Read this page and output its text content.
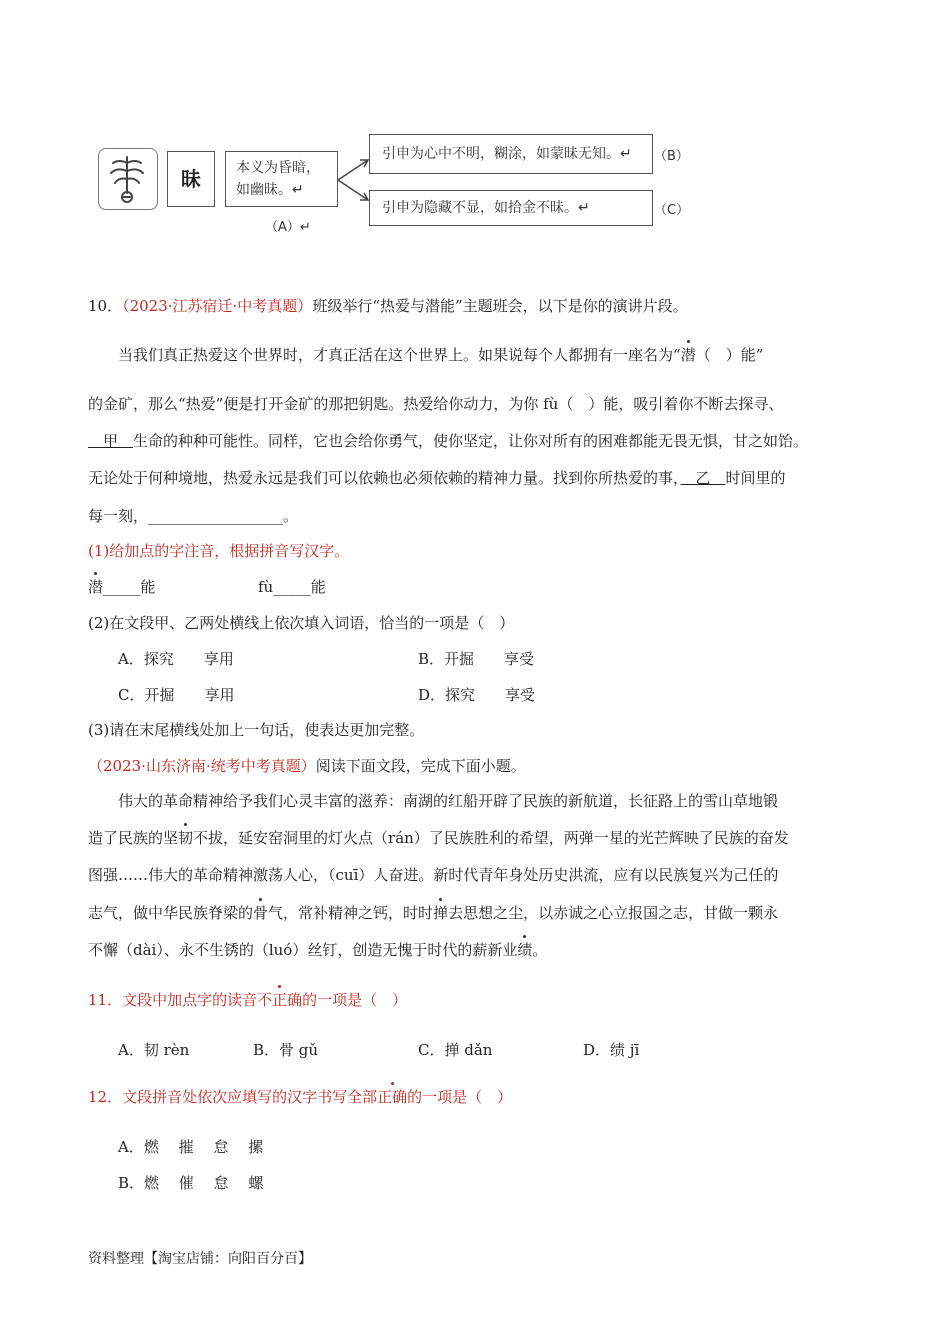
昧	本义为昏暗，
如幽昧。↵
（A）↵
引申为心中不明，糊涂，如蒙昧无知。↵	（B）
引申为隐藏不显，如拾金不昧。↵	（C）
10．（2023·江苏宿迁·中考真题）班级举行“热爱与潜能”主题班会，以下是你的演讲片段。
当我们真正热爱这个世界时，才真正活在这个世界上。如果说每个人都拥有一座名为“潜（　）能”
的金矿，那么“热爱”便是打开金矿的那把钥匙。热爱给你动力，为你 fù（　）能，吸引着你不断去探寻、
　甲　生命的种种可能性。同样，它也会给你勇气，使你坚定，让你对所有的困难都能无畏无惧，甘之如饴。
无论处于何种境地，热爱永远是我们可以依赖也必须依赖的精神力量。找到你所热爱的事，　乙　时间里的
每一刻，__________________。
(1)给加点的字注音，根据拼音写汉字。
潜_____能	fù_____能
(2)在文段甲、乙两处横线上依次填入词语，恰当的一项是（　）
A．探究　　享用	B．开掘　　享受
C．开掘　　享用	D．探究　　享受
(3)请在末尾横线处加上一句话，使表达更加完整。
（2023·山东济南·统考中考真题）阅读下面文段，完成下面小题。
伟大的革命精神给予我们心灵丰富的滋养：南湖的红船开辟了民族的新航道，长征路上的雪山草地锻
造了民族的坚韧不拔，延安窑洞里的灯火点（rán）了民族胜利的希望，两弹一星的光芒辉映了民族的奋发
图强……伟大的革命精神激荡人心，（cuī）人奋进。新时代青年身处历史洪流，应有以民族复兴为己任的
志气，做中华民族脊梁的骨气，常补精神之钙，时时掸去思想之尘，以赤诚之心立报国之志，甘做一颗永
不懈（dài）、永不生锈的（luó）丝钉，创造无愧于时代的薪新业绩。
11．文段中加点字的读音不正确的一项是（　）
A．韧 rèn	B．骨 gǔ	C．掸 dǎn	D．绩 jī
12．文段拼音处依次应填写的汉字书写全部正确的一项是（　）
A．燃　 摧　 怠　 摞
B．燃　 催　 怠　 螺
资料整理【淘宝店铺：向阳百分百】
